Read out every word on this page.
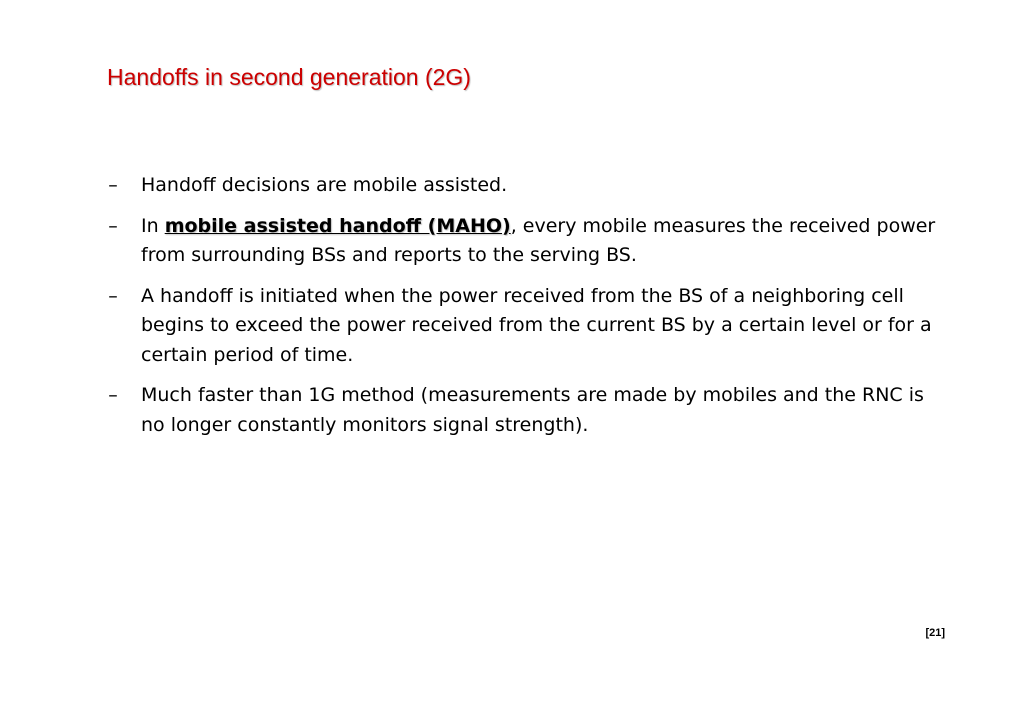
Handoffs in second generation (2G)
– Handoff decisions are mobile assisted.
– In mobile assisted handoff (MAHO), every mobile measures the received power from surrounding BSs and reports to the serving BS.
– A handoff is initiated when the power received from the BS of a neighboring cell begins to exceed the power received from the current BS by a certain level or for a certain period of time.
– Much faster than 1G method (measurements are made by mobiles and the RNC is no longer constantly monitors signal strength).
[21]
